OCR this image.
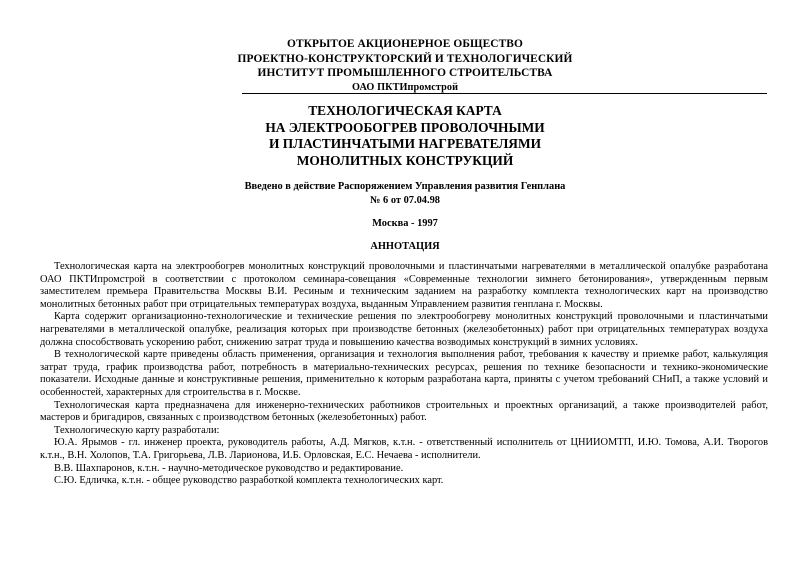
ОТКРЫТОЕ АКЦИОНЕРНОЕ ОБЩЕСТВО
ПРОЕКТНО-КОНСТРУКТОРСКИЙ И ТЕХНОЛОГИЧЕСКИЙ
ИНСТИТУТ ПРОМЫШЛЕННОГО СТРОИТЕЛЬСТВА
ОАО ПКТИпромстрой
ТЕХНОЛОГИЧЕСКАЯ КАРТА
НА ЭЛЕКТРООБОГРЕВ ПРОВОЛОЧНЫМИ
И ПЛАСТИНЧАТЫМИ НАГРЕВАТЕЛЯМИ
МОНОЛИТНЫХ КОНСТРУКЦИЙ
Введено в действие Распоряжением Управления развития Генплана
№ 6 от 07.04.98
Москва - 1997
АННОТАЦИЯ

Технологическая карта на электрообогрев монолитных конструкций проволочными и пластинчатыми нагревателями в металлической опалубке разработана ОАО ПКТИпромстрой в соответствии с протоколом семинара-совещания «Современные технологии зимнего бетонирования», утвержденным первым заместителем премьера Правительства Москвы В.И. Ресиным и техническим заданием на разработку комплекта технологических карт на производство монолитных бетонных работ при отрицательных температурах воздуха, выданным Управлением развития генплана г. Москвы.

Карта содержит организационно-технологические и технические решения по электрообогреву монолитных конструкций проволочными и пластинчатыми нагревателями в металлической опалубке, реализация которых при производстве бетонных (железобетонных) работ при отрицательных температурах воздуха должна способствовать ускорению работ, снижению затрат труда и повышению качества возводимых конструкций в зимних условиях.

В технологической карте приведены область применения, организация и технология выполнения работ, требования к качеству и приемке работ, калькуляция затрат труда, график производства работ, потребность в материально-технических ресурсах, решения по технике безопасности и технико-экономические показатели. Исходные данные и конструктивные решения, применительно к которым разработана карта, приняты с учетом требований СНиП, а также условий и особенностей, характерных для строительства в г. Москве.

Технологическая карта предназначена для инженерно-технических работников строительных и проектных организаций, а также производителей работ, мастеров и бригадиров, связанных с производством бетонных (железобетонных) работ.

Технологическую карту разработали:

Ю.А. Ярымов - гл. инженер проекта, руководитель работы, А.Д. Мягков, к.т.н. - ответственный исполнитель от ЦНИИОМТП, И.Ю. Томова, А.И. Творогов к.т.н., В.Н. Холопов, Т.А. Григорьева, Л.В. Ларионова, И.Б. Орловская, Е.С. Нечаева - исполнители.

В.В. Шахпаронов, к.т.н. - научно-методическое руководство и редактирование.

С.Ю. Едличка, к.т.н. - общее руководство разработкой комплекта технологических карт.
